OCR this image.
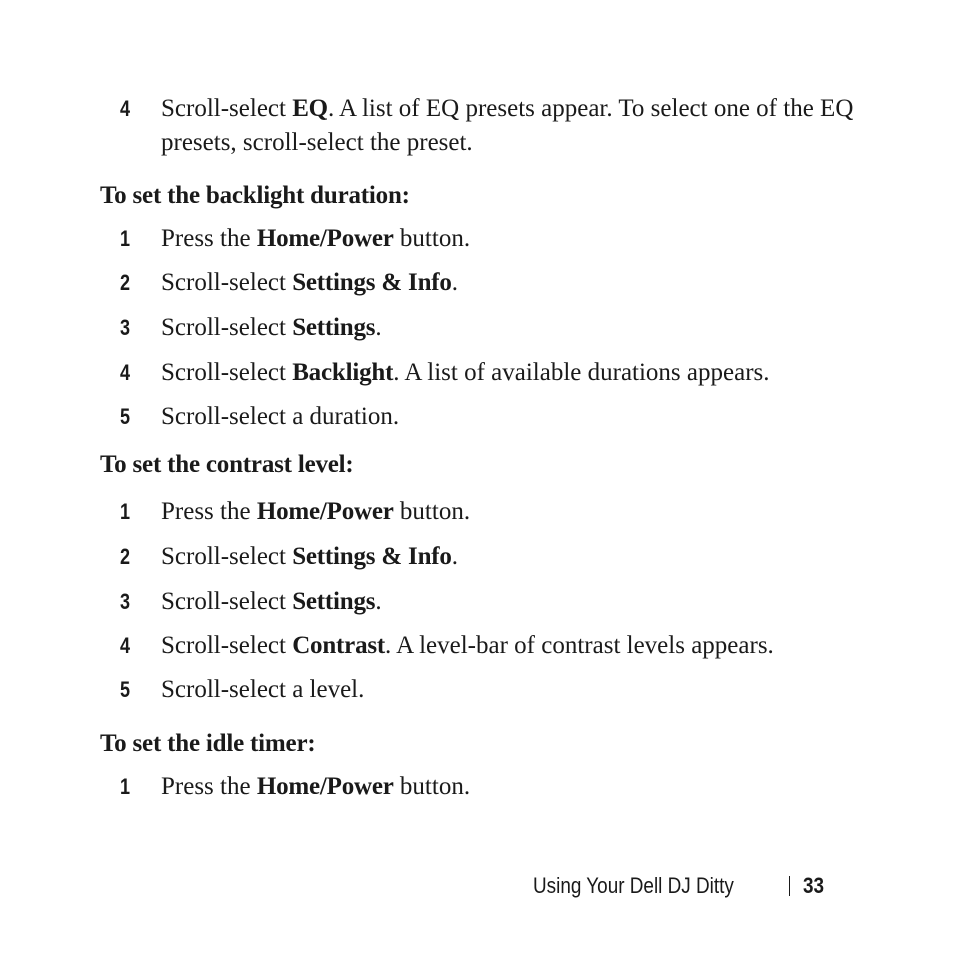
4 Scroll-select EQ. A list of EQ presets appear. To select one of the EQ presets, scroll-select the preset.
To set the backlight duration:
1 Press the Home/Power button.
2 Scroll-select Settings & Info.
3 Scroll-select Settings.
4 Scroll-select Backlight. A list of available durations appears.
5 Scroll-select a duration.
To set the contrast level:
1 Press the Home/Power button.
2 Scroll-select Settings & Info.
3 Scroll-select Settings.
4 Scroll-select Contrast. A level-bar of contrast levels appears.
5 Scroll-select a level.
To set the idle timer:
1 Press the Home/Power button.
Using Your Dell DJ Ditty	33
